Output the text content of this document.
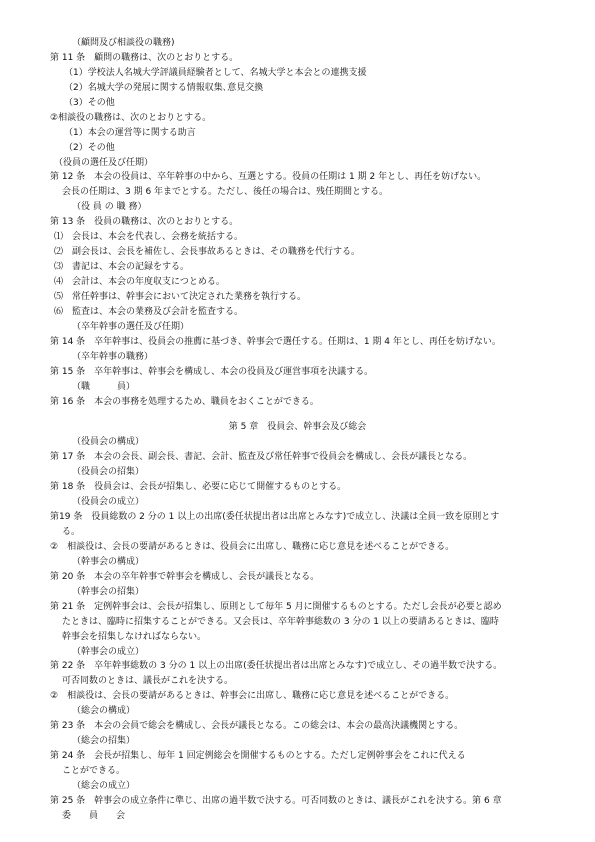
（顧問及び相談役の職務)
第 11 条　顧問の職務は、次のとおりとする。
（1）学校法人名城大学評議員経験者として、名城大学と本会との連携支援
（2）名城大学の発展に関する情報収集､意見交換
（3）その他
②相談役の職務は、次のとおりとする。
（1）本会の運営等に関する助言
（2）その他
（役員の選任及び任期）
第 12 条　本会の役員は、卒年幹事の中から、互選とする。役員の任期は 1 期 2 年とし、再任を妨げない。
会長の任期は、3 期 6 年までとする。ただし、後任の場合は、残任期間とする。
（役 員 の 職 務）
第 13 条　役員の職務は、次のとおりとする。
⑴　会長は、本会を代表し、会務を統括する。
⑵　副会長は、会長を補佐し、会長事故あるときは、その職務を代行する。
⑶　書記は、本会の記録をする。
⑷　会計は、本会の年度収支につとめる。
⑸　常任幹事は、幹事会において決定された業務を執行する。
⑹　監査は、本会の業務及び会計を監査する。
（卒年幹事の選任及び任期）
第 14 条　卒年幹事は、役員会の推薦に基づき、幹事会で選任する。任期は、1 期 4 年とし、再任を妨げない。
（卒年幹事の職務）
第 15 条　卒年幹事は、幹事会を構成し、本会の役員及び運営事項を決議する。
（職　　　員）
第 16 条　本会の事務を処理するため、職員をおくことができる。
第 5 章　役員会、幹事会及び総会
（役員会の構成）
第 17 条　本会の会長、副会長、書記、会計、監査及び常任幹事で役員会を構成し、会長が議長となる。
（役員会の招集）
第 18 条　役員会は、会長が招集し、必要に応じて開催するものとする。
（役員会の成立）
第19 条　役員総数の 2 分の 1 以上の出席(委任状提出者は出席とみなす)で成立し、決議は全員一致を原則とす
る。
②　相談役は、会長の要請があるときは、役員会に出席し、職務に応じ意見を述べることができる。
（幹事会の構成）
第 20 条　本会の卒年幹事で幹事会を構成し、会長が議長となる。
（幹事会の招集）
第 21 条　定例幹事会は、会長が招集し、原則として毎年 5 月に開催するものとする。ただし会長が必要と認め
たときは、臨時に招集することができる。又会長は、卒年幹事総数の 3 分の 1 以上の要請あるときは、臨時
幹事会を招集しなければならない。
（幹事会の成立）
第 22 条　卒年幹事総数の 3 分の 1 以上の出席(委任状提出者は出席とみなす)で成立し、その過半数で決する。
可否同数のときは、議長がこれを決する。
②　相談役は、会長の要請があるときは、幹事会に出席し、職務に応じ意見を述べることができる。
（総会の構成）
第 23 条　本会の会員で総会を構成し、会長が議長となる。この総会は、本会の最高決議機関とする。
（総会の招集）
第 24 条　会長が招集し、毎年 1 回定例総会を開催するものとする。ただし定例幹事会をこれに代える
ことができる。
（総会の成立）
第 25 条　幹事会の成立条件に準じ、出席の過半数で決する。可否同数のときは、議長がこれを決する。第 6 章
委　　員　　会
